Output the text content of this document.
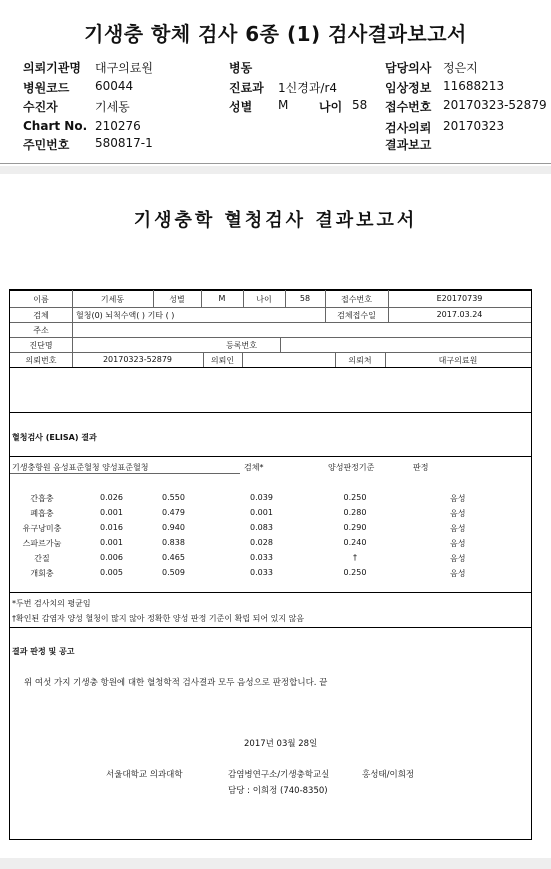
기생충 항체 검사 6종 (1) 검사결과보고서
의뢰기관명 대구의료원	병동	담당의사 정은지
병원코드 60044	진료과 1신경과/r4	임상정보 11688213
수진자	기세동	성별 M	나이 58 접수번호 20170323-52879
Chart No. 210276	검사의뢰 20170323
주민번호 580817-1	결과보고
기생충학 혈청검사 결과보고서
이름	기세동	성별	M	나이	58	접수번호	E20170739
검체	혈청(0) 뇌척수액( ) 기타 ( )	검체접수일	2017.03.24
주소
진단명	등록번호
의뢰번호	20170323-52879	의뢰인	의뢰처	대구의료원
혈청검사 (ELISA) 결과
기생충항원 음성표준혈청 양성표준혈청	검체*	양성판정기준	판정
간흡충	0.026	0.550	0.039	0.250	음성
폐흡충	0.001	0.479	0.001	0.280	음성
유구낭미충	0.016	0.940	0.083	0.290	음성
스파르가눔	0.001	0.838	0.028	0.240	음성
간질	0.006	0.465	0.033	†	음성
개회충	0.005	0.509	0.033	0.250	음성
*두번 검사치의 평균임
†확인된 감염자 양성 혈청이 많지 않아 정확한 양성 판정 기준이 확립 되어 있지 않음
결과 판정 및 공고
위 여섯 가지 기생충 항원에 대한 혈청학적 검사결과 모두 음성으로 판정합니다. 끝
2017년 03월 28일
서울대학교 의과대학	감염병연구소/기생충학교실	홍성태/이희정
담당 : 이희정 (740-8350)
